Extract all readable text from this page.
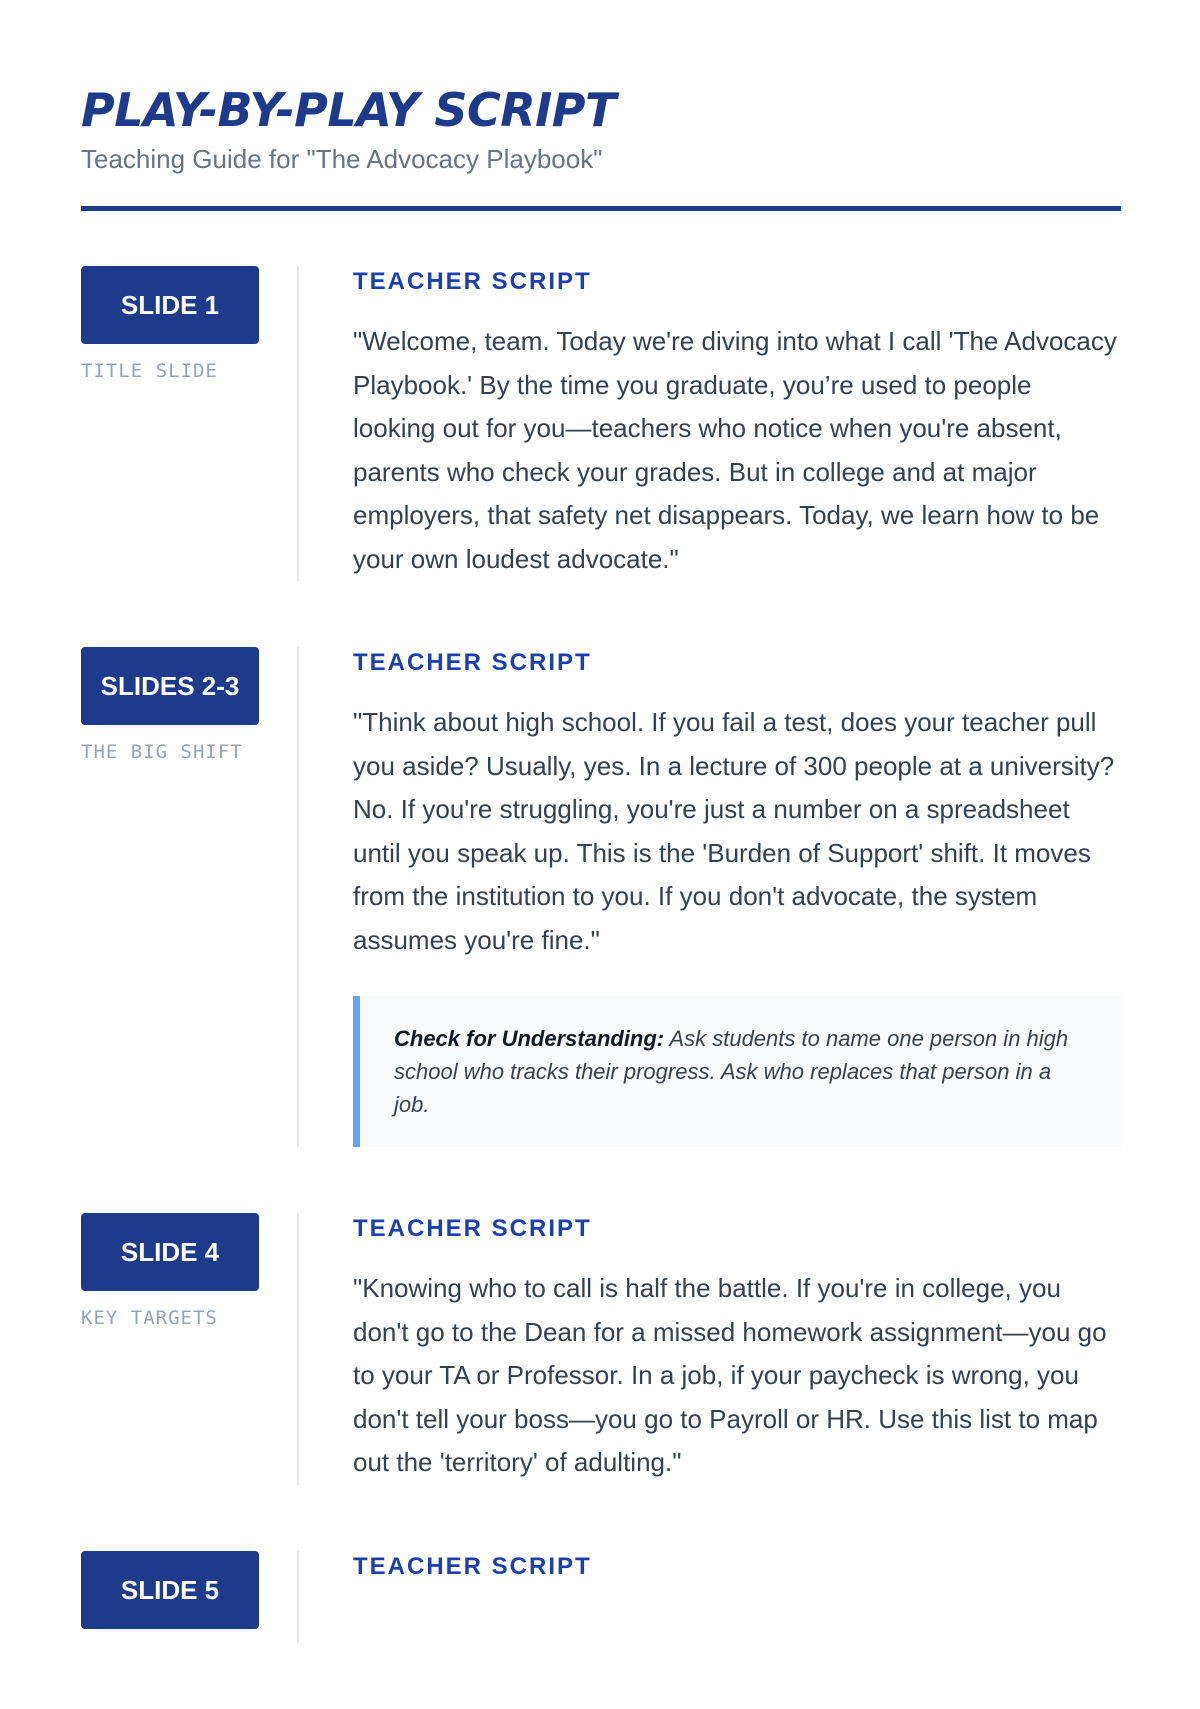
PLAY-BY-PLAY SCRIPT
Teaching Guide for "The Advocacy Playbook"
SLIDE 1
TITLE SLIDE
TEACHER SCRIPT

"Welcome, team. Today we're diving into what I call 'The Advocacy Playbook.' By the time you graduate, you’re used to people looking out for you—teachers who notice when you're absent, parents who check your grades. But in college and at major employers, that safety net disappears. Today, we learn how to be your own loudest advocate."

SLIDES 2-3
THE BIG SHIFT
TEACHER SCRIPT

"Think about high school. If you fail a test, does your teacher pull you aside? Usually, yes. In a lecture of 300 people at a university? No. If you're struggling, you're just a number on a spreadsheet until you speak up. This is the 'Burden of Support' shift. It moves from the institution to you. If you don't advocate, the system assumes you're fine."

Check for Understanding: Ask students to name one person in high school who tracks their progress. Ask who replaces that person in a job.
SLIDE 4
KEY TARGETS
TEACHER SCRIPT

"Knowing who to call is half the battle. If you're in college, you don't go to the Dean for a missed homework assignment—you go to your TA or Professor. In a job, if your paycheck is wrong, you don't tell your boss—you go to Payroll or HR. Use this list to map out the 'territory' of adulting."

SLIDE 5
TEACHER SCRIPT
